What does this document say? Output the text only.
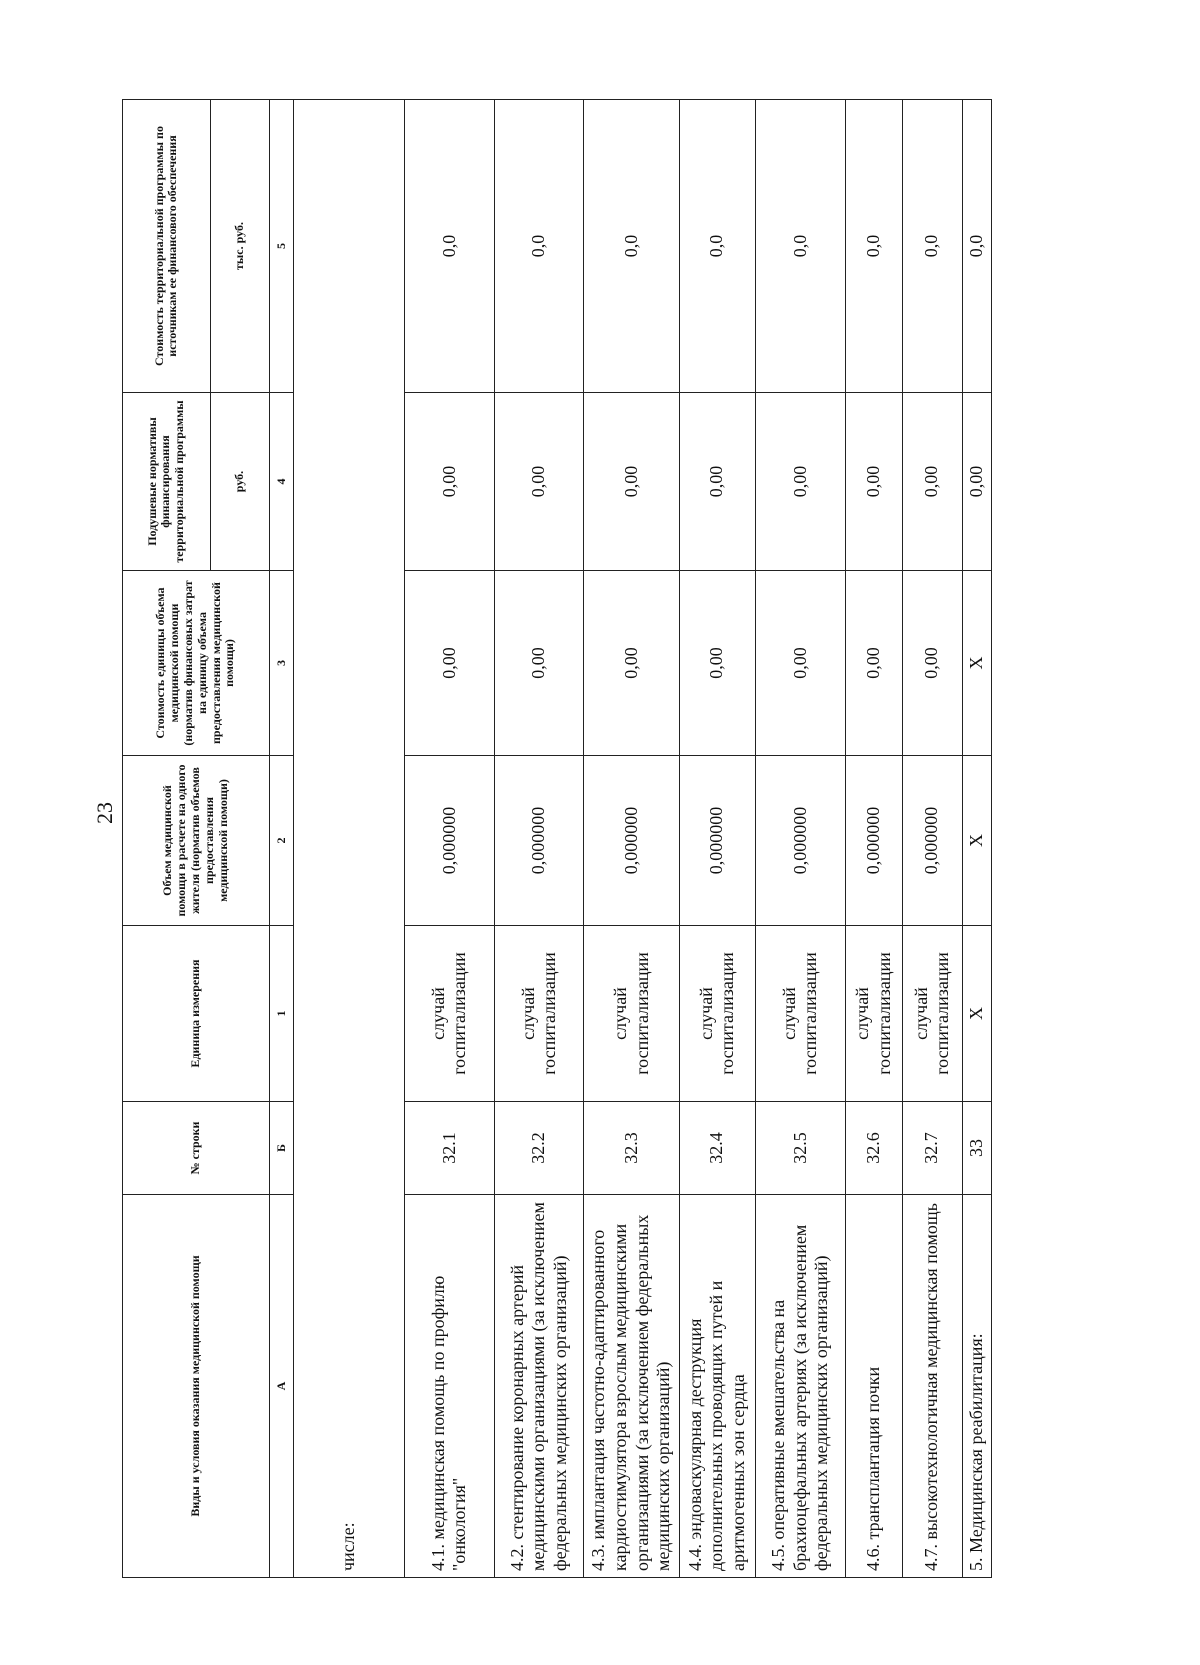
23
Виды и условия оказания медицинской помощи	№ строки	Единица измерения	Объем медицинской помощи в расчете на одного жителя (норматив объемов предоставления медицинской помощи)	Стоимость единицы объема медицинской помощи (норматив финансовых затрат на единицу объема предоставления медицинской помощи)	Подушевые нормативы финансирования территориальной программы	Стоимость территориальной программы по источникам ее финансового обеспечения
					руб.	тыс. руб.
А	Б	1	2	3	4	5
числе:						
4.1. медицинская помощь по профилю "онкология"	32.1	случай госпитализации	0,000000	0,00	0,00	0,0
4.2. стентирование коронарных артерий медицинскими организациями (за исключением федеральных медицинских организаций)	32.2	случай госпитализации	0,000000	0,00	0,00	0,0
4.3. имплантация частотно-адаптированного кардиостимулятора взрослым медицинскими организациями (за исключением федеральных медицинских организаций)	32.3	случай госпитализации	0,000000	0,00	0,00	0,0
4.4. эндоваскулярная деструкция дополнительных проводящих путей и аритмогенных зон сердца	32.4	случай госпитализации	0,000000	0,00	0,00	0,0
4.5. оперативные вмешательства на брахиоцефальных артериях (за исключением федеральных медицинских организаций)	32.5	случай госпитализации	0,000000	0,00	0,00	0,0
4.6. трансплантация почки	32.6	случай госпитализации	0,000000	0,00	0,00	0,0
4.7. высокотехнологичная медицинская помощь	32.7	случай госпитализации	0,000000	0,00	0,00	0,0
5. Медицинская реабилитация:	33	Х	Х	Х	0,00	0,0
